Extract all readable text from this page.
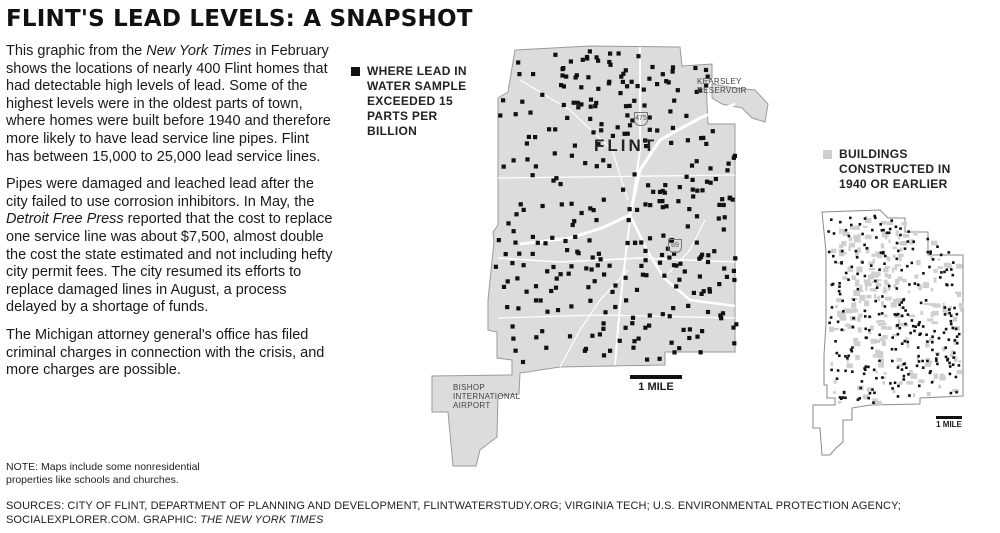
FLINT'S LEAD LEVELS: A SNAPSHOT

This graphic from the New York Times in February shows the locations of nearly 400 Flint homes that had detectable high levels of lead. Some of the highest levels were in the oldest parts of town, where homes were built before 1940 and therefore more likely to have lead service line pipes. Flint has between 15,000 to 25,000 lead service lines.

Pipes were damaged and leached lead after the city failed to use corrosion inhibitors. In May, the Detroit Free Press reported that the cost to replace one service line was about $7,500, almost double the cost the state estimated and not including hefty city permit fees. The city resumed its efforts to replace damaged lines in August, a process delayed by a shortage of funds.

The Michigan attorney general's office has filed criminal charges in connection with the crisis, and more charges are possible.

NOTE: Maps include some nonresidential properties like schools and churches.
SOURCES: CITY OF FLINT, DEPARTMENT OF PLANNING AND DEVELOPMENT, FLINTWATERSTUDY.ORG; VIRGINIA TECH; U.S. ENVIRONMENTAL PROTECTION AGENCY; SOCIALEXPLORER.COM. GRAPHIC: THE NEW YORK TIMES
WHERE LEAD IN WATER SAMPLE EXCEEDED 15 PARTS PER BILLION
BUILDINGS CONSTRUCTED IN 1940 OR EARLIER
FLINT
KEARSLEY RESERVOIR
BISHOP INTERNATIONAL AIRPORT
475
69
1 MILE
1 MILE
